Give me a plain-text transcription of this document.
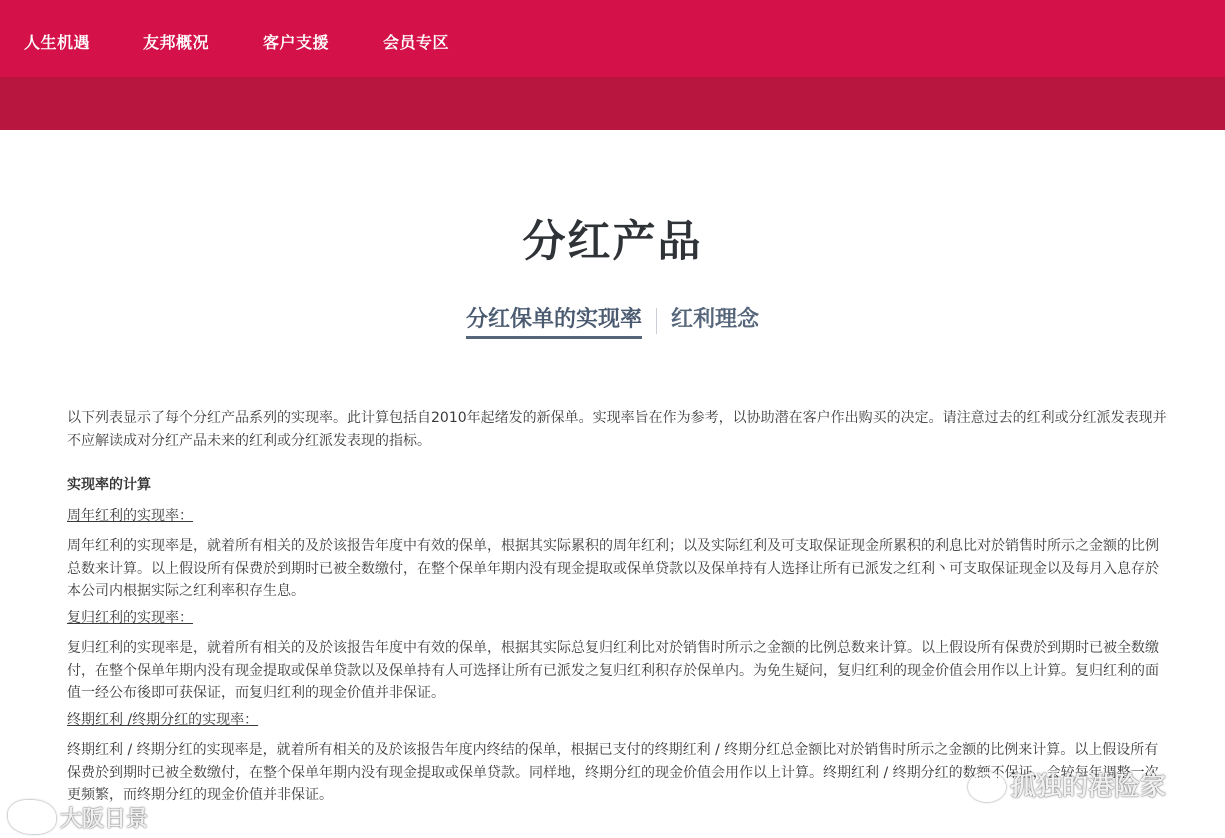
人生机遇	友邦概况	客户支援	会员专区
分红产品
分红保单的实现率 红利理念

以下列表显示了每个分红产品系列的实现率。此计算包括自2010年起绪发的新保单。实现率旨在作为参考，以协助潜在客户作出购买的决定。请注意过去的红利或分红派发表现并不应解读成对分红产品未来的红利或分红派发表现的指标。

实现率的计算

周年红利的实现率：

周年红利的实现率是，就着所有相关的及於该报告年度中有效的保单，根据其实际累积的周年红利；以及实际红利及可支取保证现金所累积的利息比对於销售时所示之金额的比例总数来计算。以上假设所有保费於到期时已被全数缴付，在整个保单年期内没有现金提取或保单贷款以及保单持有人选择让所有已派发之红利丶可支取保证现金以及每月入息存於本公司内根据实际之红利率积存生息。

复归红利的实现率：

复归红利的实现率是，就着所有相关的及於该报告年度中有效的保单，根据其实际总复归红利比对於销售时所示之金额的比例总数来计算。以上假设所有保费於到期时已被全数缴付，在整个保单年期内没有现金提取或保单贷款以及保单持有人可选择让所有已派发之复归红利积存於保单内。为免生疑问，复归红利的现金价值会用作以上计算。复归红利的面值一经公布後即可获保证，而复归红利的现金价值并非保证。

终期红利 /终期分红的实现率：

终期红利 / 终期分红的实现率是，就着所有相关的及於该报告年度内终结的保单，根据已支付的终期红利 / 终期分红总金额比对於销售时所示之金额的比例来计算。以上假设所有保费於到期时已被全数缴付，在整个保单年期内没有现金提取或保单贷款。同样地，终期分红的现金价值会用作以上计算。终期红利 / 终期分红的数额不保证，会较每年调整一次更频繁，而终期分红的现金价值并非保证。	孤独的港险家
大阪日景
